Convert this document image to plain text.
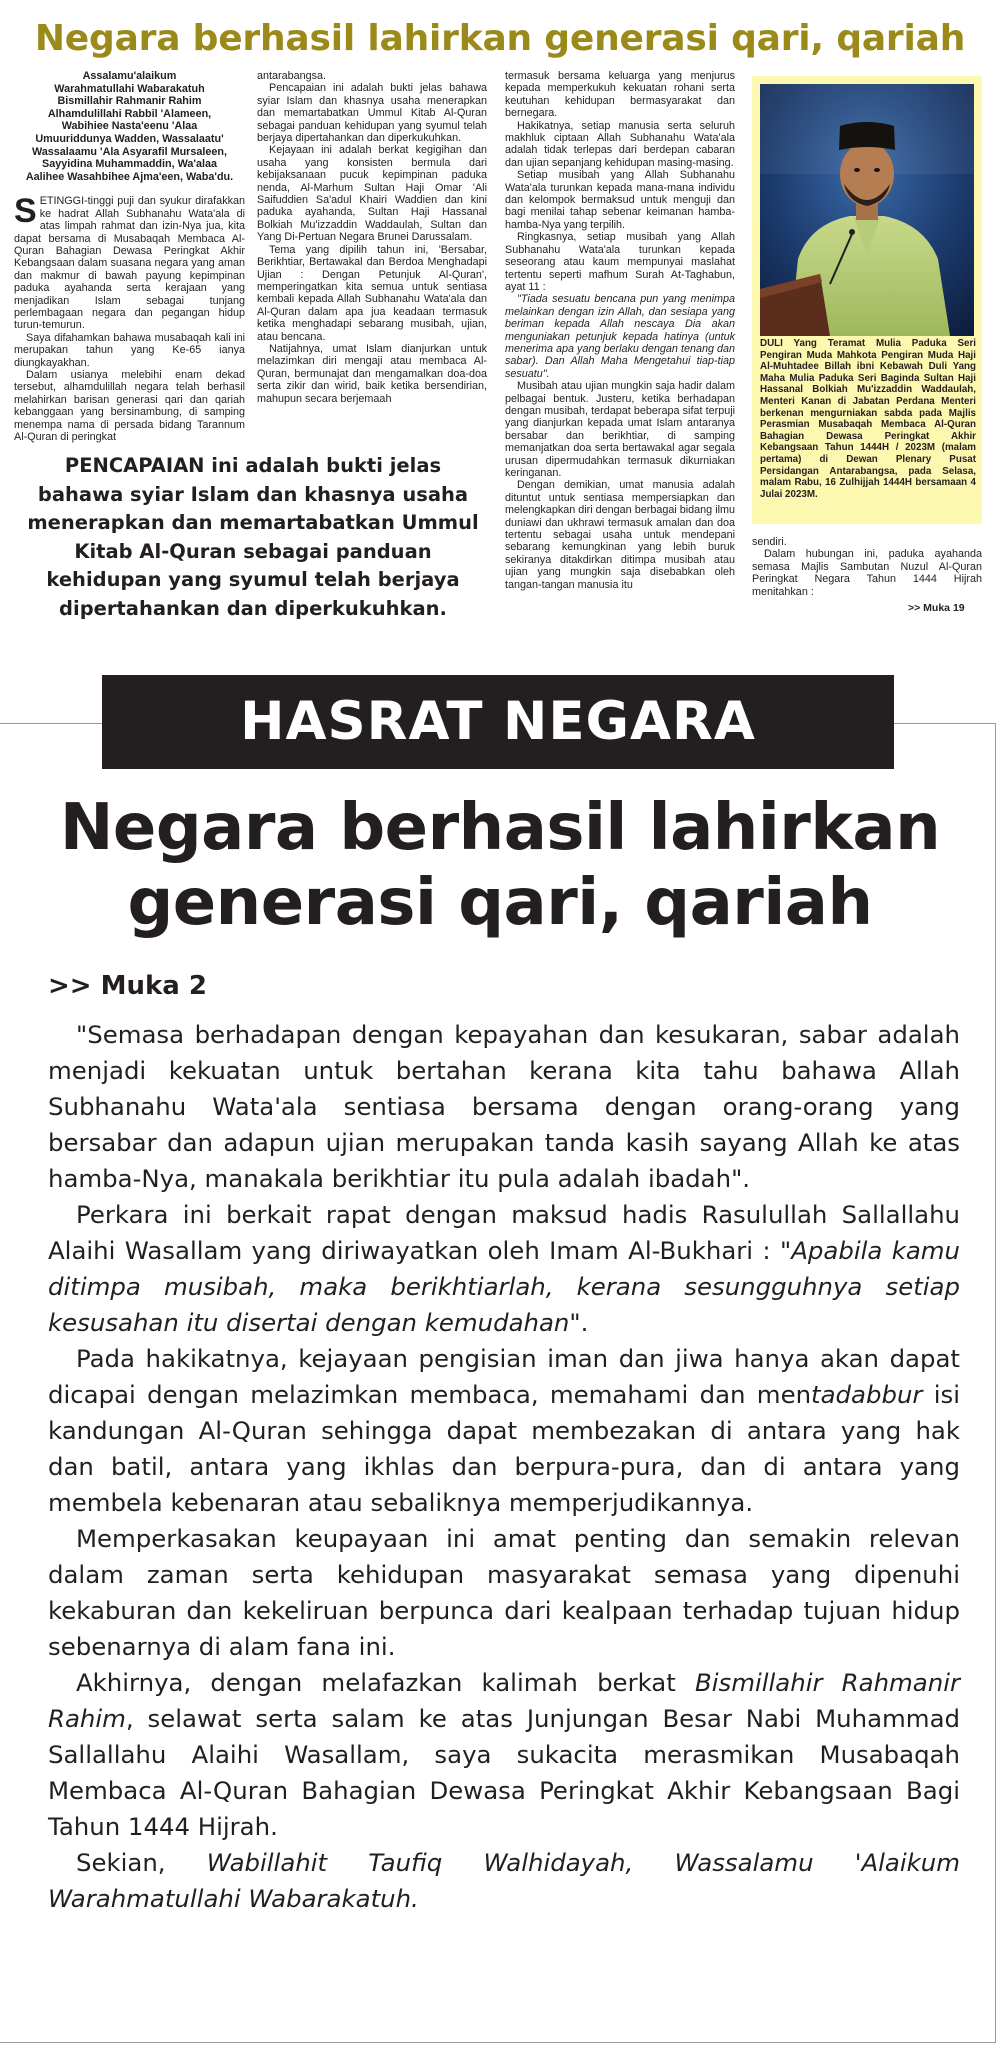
Negara berhasil lahirkan generasi qari, qariah
Assalamu'alaikum
Warahmatullahi Wabarakatuh
Bismillahir Rahmanir Rahim
Alhamdulillahi Rabbil 'Alameen,
Wabihiee Nasta'eenu 'Alaa
Umuuriddunya Wadden, Wassalaatu'
Wassalaamu 'Ala Asyarafil Mursaleen,
Sayyidina Muhammaddin, Wa'alaa
Aalihee Wasahbihee Ajma'een, Waba'du.

SETINGGI-tinggi puji dan syukur dirafakkan ke hadrat Allah Subhanahu Wata'ala di atas limpah rahmat dan izin-Nya jua, kita dapat bersama di Musabaqah Membaca Al-Quran Bahagian Dewasa Peringkat Akhir Kebangsaan dalam suasana negara yang aman dan makmur di bawah payung kepimpinan paduka ayahanda serta kerajaan yang menjadikan Islam sebagai tunjang perlembagaan negara dan pegangan hidup turun-temurun.

Saya difahamkan bahawa musabaqah kali ini merupakan tahun yang Ke-65 ianya diungkayakhan.

Dalam usianya melebihi enam dekad tersebut, alhamdulillah negara telah berhasil melahirkan barisan generasi qari dan qariah kebanggaan yang bersinambung, di samping menempa nama di persada bidang Tarannum Al-Quran di peringkat

PENCAPAIAN ini adalah bukti jelas bahawa syiar Islam dan khasnya usaha menerapkan dan memartabatkan Ummul Kitab Al-Quran sebagai panduan kehidupan yang syumul telah berjaya dipertahankan dan diperkukuhkan.

antarabangsa.

Pencapaian ini adalah bukti jelas bahawa syiar Islam dan khasnya usaha menerapkan dan memartabatkan Ummul Kitab Al-Quran sebagai panduan kehidupan yang syumul telah berjaya dipertahankan dan diperkukuhkan.

Kejayaan ini adalah berkat kegigihan dan usaha yang konsisten bermula dari kebijaksanaan pucuk kepimpinan paduka nenda, Al-Marhum Sultan Haji Omar 'Ali Saifuddien Sa'adul Khairi Waddien dan kini paduka ayahanda, Sultan Haji Hassanal Bolkiah Mu'izzaddin Waddaulah, Sultan dan Yang Di-Pertuan Negara Brunei Darussalam.

Tema yang dipilih tahun ini, 'Bersabar, Berikhtiar, Bertawakal dan Berdoa Menghadapi Ujian : Dengan Petunjuk Al-Quran', memperingatkan kita semua untuk sentiasa kembali kepada Allah Subhanahu Wata'ala dan Al-Quran dalam apa jua keadaan termasuk ketika menghadapi sebarang musibah, ujian, atau bencana.

Natijahnya, umat Islam dianjurkan untuk melazimkan diri mengaji atau membaca Al-Quran, bermunajat dan mengamalkan doa-doa serta zikir dan wirid, baik ketika bersendirian, mahupun secara berjemaah

termasuk bersama keluarga yang menjurus kepada memperkukuh kekuatan rohani serta keutuhan kehidupan bermasyarakat dan bernegara.

Hakikatnya, setiap manusia serta seluruh makhluk ciptaan Allah Subhanahu Wata'ala adalah tidak terlepas dari berdepan cabaran dan ujian sepanjang kehidupan masing-masing.

Setiap musibah yang Allah Subhanahu Wata'ala turunkan kepada mana-mana individu dan kelompok bermaksud untuk menguji dan bagi menilai tahap sebenar keimanan hamba-hamba-Nya yang terpilih.

Ringkasnya, setiap musibah yang Allah Subhanahu Wata'ala turunkan kepada seseorang atau kaum mempunyai maslahat tertentu seperti mafhum Surah At-Taghabun, ayat 11 :

"Tiada sesuatu bencana pun yang menimpa melainkan dengan izin Allah, dan sesiapa yang beriman kepada Allah nescaya Dia akan menguniakan petunjuk kepada hatinya (untuk menerima apa yang berlaku dengan tenang dan sabar). Dan Allah Maha Mengetahui tiap-tiap sesuatu".

Musibah atau ujian mungkin saja hadir dalam pelbagai bentuk. Justeru, ketika berhadapan dengan musibah, terdapat beberapa sifat terpuji yang dianjurkan kepada umat Islam antaranya bersabar dan berikhtiar, di samping memanjatkan doa serta bertawakal agar segala urusan dipermudahkan termasuk dikurniakan keringanan.

Dengan demikian, umat manusia adalah dituntut untuk sentiasa mempersiapkan dan melengkapkan diri dengan berbagai bidang ilmu duniawi dan ukhrawi termasuk amalan dan doa tertentu sebagai usaha untuk mendepani sebarang kemungkinan yang lebih buruk sekiranya ditakdirkan ditimpa musibah atau ujian yang mungkin saja disebabkan oleh tangan-tangan manusia itu

DULI Yang Teramat Mulia Paduka Seri Pengiran Muda Mahkota Pengiran Muda Haji Al-Muhtadee Billah ibni Kebawah Duli Yang Maha Mulia Paduka Seri Baginda Sultan Haji Hassanal Bolkiah Mu'izzaddin Waddaulah, Menteri Kanan di Jabatan Perdana Menteri berkenan mengurniakan sabda pada Majlis Perasmian Musabaqah Membaca Al-Quran Bahagian Dewasa Peringkat Akhir Kebangsaan Tahun 1444H / 2023M (malam pertama) di Dewan Plenary Pusat Persidangan Antarabangsa, pada Selasa, malam Rabu, 16 Zulhijjah 1444H bersamaan 4 Julai 2023M.

sendiri.

Dalam hubungan ini, paduka ayahanda semasa Majlis Sambutan Nuzul Al-Quran Peringkat Negara Tahun 1444 Hijrah menitahkan :

>> Muka 19
HASRAT NEGARA
Negara berhasil lahirkan
generasi qari, qariah
>> Muka 2

"Semasa berhadapan dengan kepayahan dan kesukaran, sabar adalah menjadi kekuatan untuk bertahan kerana kita tahu bahawa Allah Subhanahu Wata'ala sentiasa bersama dengan orang-orang yang bersabar dan adapun ujian merupakan tanda kasih sayang Allah ke atas hamba-Nya, manakala berikhtiar itu pula adalah ibadah".

Perkara ini berkait rapat dengan maksud hadis Rasulullah Sallallahu Alaihi Wasallam yang diriwayatkan oleh Imam Al-Bukhari : "Apabila kamu ditimpa musibah, maka berikhtiarlah, kerana sesungguhnya setiap kesusahan itu disertai dengan kemudahan".

Pada hakikatnya, kejayaan pengisian iman dan jiwa hanya akan dapat dicapai dengan melazimkan membaca, memahami dan mentadabbur isi kandungan Al-Quran sehingga dapat membezakan di antara yang hak dan batil, antara yang ikhlas dan berpura-pura, dan di antara yang membela kebenaran atau sebaliknya memperjudikannya.

Memperkasakan keupayaan ini amat penting dan semakin relevan dalam zaman serta kehidupan masyarakat semasa yang dipenuhi kekaburan dan kekeliruan berpunca dari kealpaan terhadap tujuan hidup sebenarnya di alam fana ini.

Akhirnya, dengan melafazkan kalimah berkat Bismillahir Rahmanir Rahim, selawat serta salam ke atas Junjungan Besar Nabi Muhammad Sallallahu Alaihi Wasallam, saya sukacita merasmikan Musabaqah Membaca Al-Quran Bahagian Dewasa Peringkat Akhir Kebangsaan Bagi Tahun 1444 Hijrah.

Sekian, Wabillahit Taufiq Walhidayah, Wassalamu 'Alaikum Warahmatullahi Wabarakatuh.
